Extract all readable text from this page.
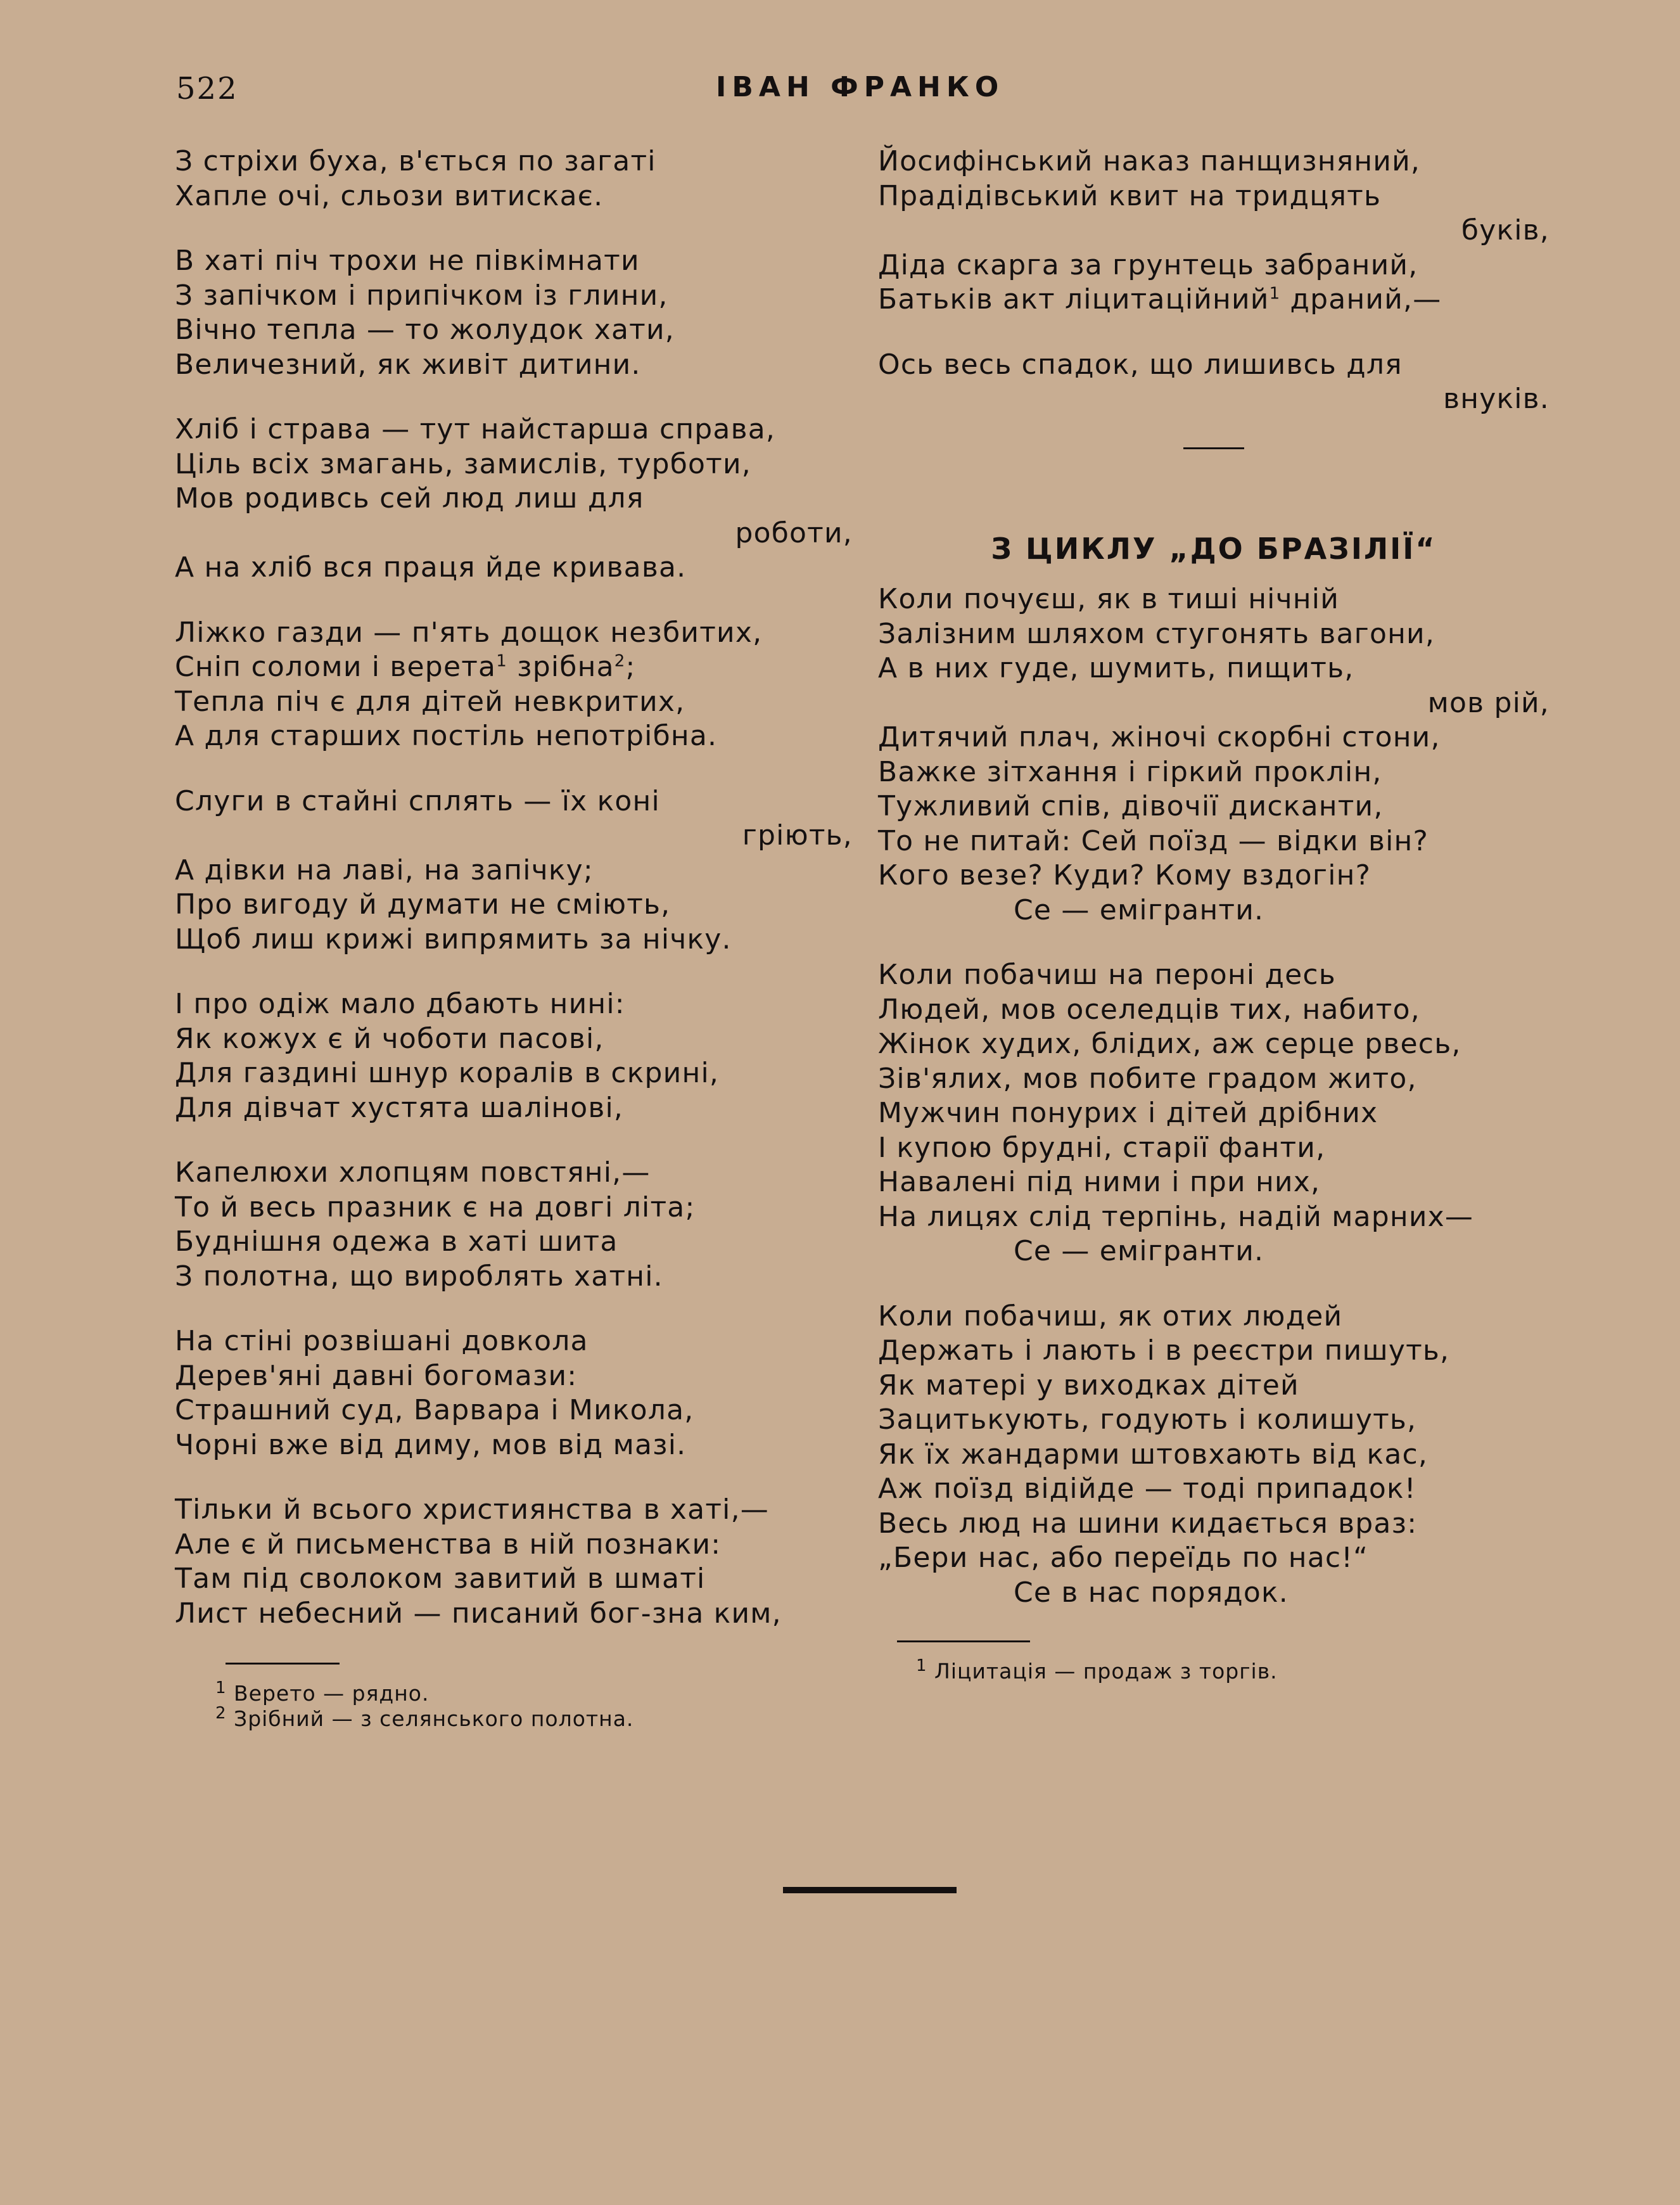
522	ІВАН ФРАНКО
З стріхи буха, в'ється по загаті
Хапле очі, сльози витискає.
В хаті піч трохи не півкімнати
З запічком і припічком із глини,
Вічно тепла — то жолудок хати,
Величезний, як живіт дитини.
Хліб і страва — тут найстарша справа,
Ціль всіх змагань, замислів, турботи,
Мов родивсь сей люд лиш для
роботи,
А на хліб вся праця йде кривава.
Ліжко газди — п'ять дощок незбитих,
Сніп соломи і верета$^1$ зрібна$^2$;
Тепла піч є для дітей невкритих,
А для старших постіль непотрібна.
Слуги в стайні сплять — їх коні
гріють,
А дівки на лаві, на запічку;
Про вигоду й думати не сміють,
Щоб лиш крижі випрямить за нічку.
І про одіж мало дбають нині:
Як кожух є й чоботи пасові,
Для газдині шнур коралів в скрині,
Для дівчат хустята шалінові,
Капелюхи хлопцям повстяні,—
То й весь празник є на довгі літа;
Буднішня одежа в хаті шита
З полотна, що вироблять хатні.
На стіні розвішані довкола
Дерев'яні давні богомази:
Страшний суд, Варвара і Микола,
Чорні вже від диму, мов від мазі.
Тільки й всього християнства в хаті,—
Але є й письменства в ній познаки:
Там під сволоком завитий в шматі
Лист небесний — писаний бог-зна ким,
$^1$ Верето — рядно.
$^2$ Зрібний — з селянського полотна.
Йосифінський наказ панщизняний,
Прадідівський квит на тридцять
буків,
Діда скарга за грунтець забраний,
Батьків акт ліцитаційний$^1$ драний,—
Ось весь спадок, що лишивсь для
внуків.
З ЦИКЛУ „ДО БРАЗІЛІЇ“
Коли почуєш, як в тиші нічній
Залізним шляхом стугонять вагони,
А в них гуде, шумить, пищить,
мов рій,
Дитячий плач, жіночі скорбні стони,
Важке зітхання і гіркий проклін,
Тужливий спів, дівочії дисканти,
То не питай: Сей поїзд — відки він?
Кого везе? Куди? Кому вздогін?
Се — емігранти.
Коли побачиш на пероні десь
Людей, мов оселедців тих, набито,
Жінок худих, блідих, аж серце рвесь,
Зів'ялих, мов побите градом жито,
Мужчин понурих і дітей дрібних
І купою брудні, старії фанти,
Навалені під ними і при них,
На лицях слід терпінь, надій марних—
Се — емігранти.
Коли побачиш, як отих людей
Держать і лають і в реєстри пишуть,
Як матері у виходках дітей
Зацитькують, годують і колишуть,
Як їх жандарми штовхають від кас,
Аж поїзд відійде — тоді припадок!
Весь люд на шини кидається враз:
„Бери нас, або переїдь по нас!“
Се в нас порядок.
$^1$ Ліцитація — продаж з торгів.
